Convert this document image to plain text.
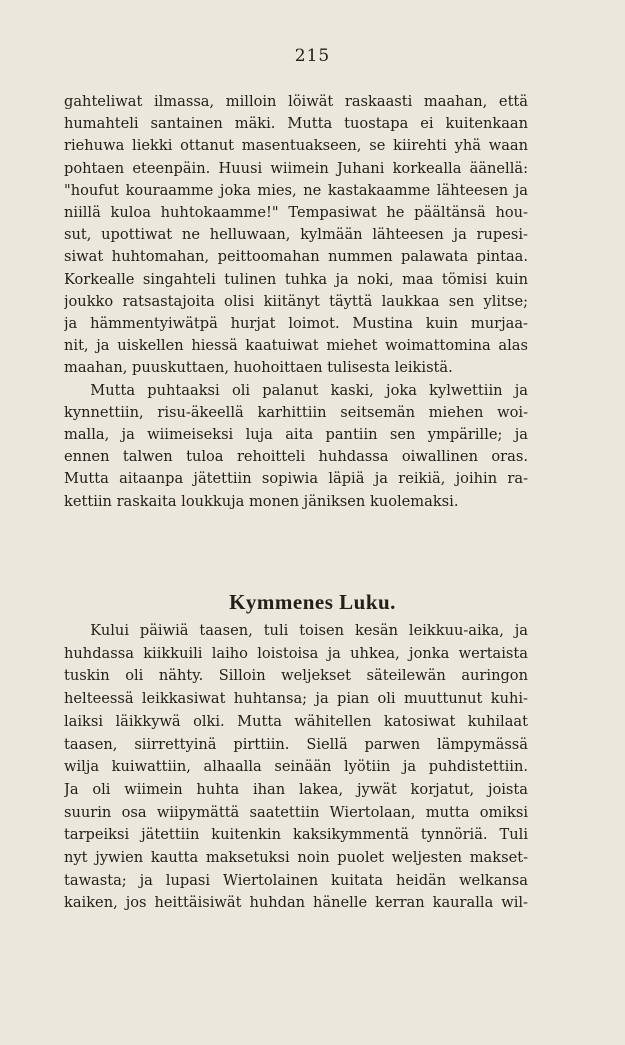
215
gahteliwat ilmassa, milloin löiwät raskaasti maahan, että
humahteli santainen mäki. Mutta tuostapa ei kuitenkaan
riehuwa liekki ottanut masentuakseen, se kiirehti yhä waan
pohtaen eteenpäin. Huusi wiimein Juhani korkealla äänellä:
"houfut kouraamme joka mies, ne kastakaamme lähteesen ja
niillä kuloa huhtokaamme!" Tempasiwat he päältänsä hou-
sut, upottiwat ne helluwaan, kylmään lähteesen ja rupesi-
siwat huhtomahan, peittoomahan nummen palawata pintaa.
Korkealle singahteli tulinen tuhka ja noki, maa tömisi kuin
joukko ratsastajoita olisi kiitänyt täyttä laukkaa sen ylitse;
ja hämmentyiwätpä hurjat loimot. Mustina kuin murjaa-
nit, ja uiskellen hiessä kaatuiwat miehet woimattomina alas
maahan, puuskuttaen, huohoittaen tulisesta leikistä.
Mutta puhtaaksi oli palanut kaski, joka kylwettiin ja
kynnettiin, risu-äkeellä karhittiin seitsemän miehen woi-
malla, ja wiimeiseksi luja aita pantiin sen ympärille; ja
ennen talwen tuloa rehoitteli huhdassa oiwallinen oras.
Mutta aitaanpa jätettiin sopiwia läpiä ja reikiä, joihin ra-
kettiin raskaita loukkuja monen jäniksen kuolemaksi.
Kymmenes Luku.
Kului päiwiä taasen, tuli toisen kesän leikkuu-aika, ja
huhdassa kiikkuili laiho loistoisa ja uhkea, jonka wertaista
tuskin oli nähty. Silloin weljekset säteilewän auringon
helteessä leikkasiwat huhtansa; ja pian oli muuttunut kuhi-
laiksi läikkywä olki. Mutta wähitellen katosiwat kuhilaat
taasen, siirrettyinä pirttiin. Siellä parwen lämpymässä
wilja kuiwattiin, alhaalla seinään lyötiin ja puhdistettiin.
Ja oli wiimein huhta ihan lakea, jywät korjatut, joista
suurin osa wiipymättä saatettiin Wiertolaan, mutta omiksi
tarpeiksi jätettiin kuitenkin kaksikymmentä tynnöriä. Tuli
nyt jywien kautta maksetuksi noin puolet weljesten makset-
tawasta; ja lupasi Wiertolainen kuitata heidän welkansa
kaiken, jos heittäisiwät huhdan hänelle kerran kauralla wil-
